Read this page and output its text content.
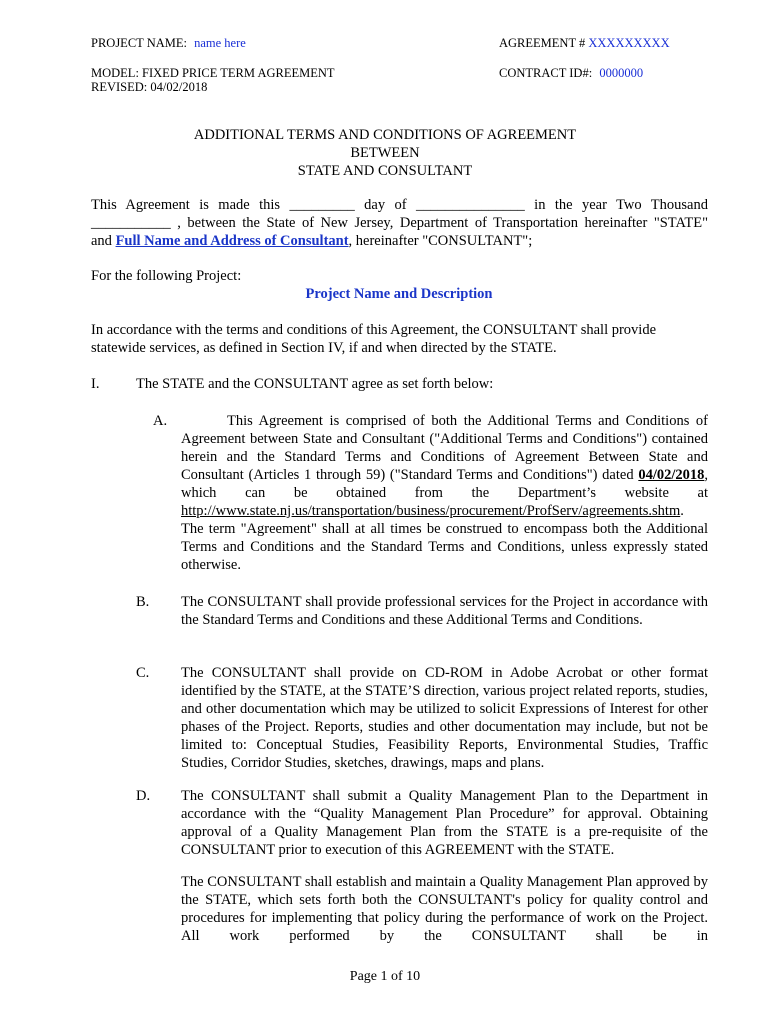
PROJECT NAME: name here	AGREEMENT # XXXXXXXXX
MODEL: FIXED PRICE TERM AGREEMENT	CONTRACT ID#: 0000000
REVISED: 04/02/2018
ADDITIONAL TERMS AND CONDITIONS OF AGREEMENT
BETWEEN
STATE AND CONSULTANT
This Agreement is made this _________ day of _______________ in the year Two Thousand
___________ , between the State of New Jersey, Department of Transportation hereinafter "STATE"
and Full Name and Address of Consultant, hereinafter "CONSULTANT";
For the following Project:
Project Name and Description
In accordance with the terms and conditions of this Agreement, the CONSULTANT shall provide statewide services, as defined in Section IV, if and when directed by the STATE.
I.	The STATE and the CONSULTANT agree as set forth below:
A.	This Agreement is comprised of both the Additional Terms and Conditions of Agreement between State and Consultant ("Additional Terms and Conditions") contained herein and the Standard Terms and Conditions of Agreement Between State and Consultant (Articles 1 through 59) ("Standard Terms and Conditions") dated 04/02/2018, which can be obtained from the Department’s website at http://www.state.nj.us/transportation/business/procurement/ProfServ/agreements.shtm. The term "Agreement" shall at all times be construed to encompass both the Additional Terms and Conditions and the Standard Terms and Conditions, unless expressly stated otherwise.
B.	The CONSULTANT shall provide professional services for the Project in accordance with the Standard Terms and Conditions and these Additional Terms and Conditions.
C.	The CONSULTANT shall provide on CD-ROM in Adobe Acrobat or other format identified by the STATE, at the STATE’S direction, various project related reports, studies, and other documentation which may be utilized to solicit Expressions of Interest for other phases of the Project. Reports, studies and other documentation may include, but not be limited to: Conceptual Studies, Feasibility Reports, Environmental Studies, Traffic Studies, Corridor Studies, sketches, drawings, maps and plans.
D.	The CONSULTANT shall submit a Quality Management Plan to the Department in accordance with the “Quality Management Plan Procedure” for approval. Obtaining approval of a Quality Management Plan from the STATE is a pre-requisite of the CONSULTANT prior to execution of this AGREEMENT with the STATE.
The CONSULTANT shall establish and maintain a Quality Management Plan approved by the STATE, which sets forth both the CONSULTANT's policy for quality control and procedures for implementing that policy during the performance of work on the Project. All work performed by the CONSULTANT shall be in
Page 1 of 10
